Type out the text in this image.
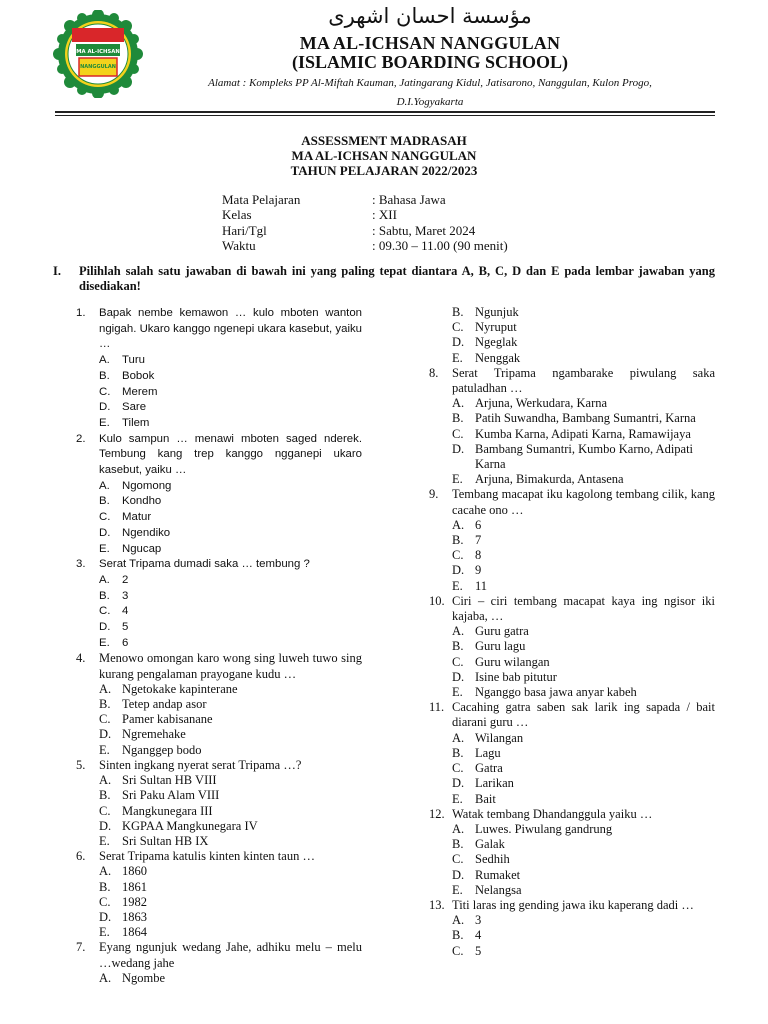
MA AL-ICHSAN
NANGGULAN
مؤسسة احسان اشهرى
MA AL-ICHSAN NANGGULAN
(ISLAMIC BOARDING SCHOOL)
Alamat : Kompleks PP Al-Miftah Kauman, Jatingarang Kidul, Jatisarono, Nanggulan, Kulon Progo,
D.I.Yogyakarta
ASSESSMENT MADRASAH
MA AL-ICHSAN NANGGULAN
TAHUN PELAJARAN 2022/2023
Mata Pelajaran	: Bahasa Jawa
Kelas	: XII
Hari/Tgl	: Sabtu, Maret 2024
Waktu	: 09.30 – 11.00 (90 menit)
I. Pilihlah salah satu jawaban di bawah ini yang paling tepat diantara A, B, C, D dan E pada lembar jawaban yang disediakan!
1. Bapak nembe kemawon … kulo mboten wanton ngigah. Ukaro kanggo ngenepi ukara kasebut, yaiku …
A.	Turu
B.	Bobok
C.	Merem
D.	Sare
E.	Tilem
2. Kulo sampun … menawi mboten saged nderek. Tembung kang trep kanggo ngganepi ukaro kasebut, yaiku …
A.	Ngomong
B.	Kondho
C.	Matur
D.	Ngendiko
E.	Ngucap
3. Serat Tripama dumadi saka … tembung ?
A.	2
B.	3
C.	4
D.	5
E.	6
4. Menowo omongan karo wong sing luweh tuwo sing kurang pengalaman prayogane kudu …
A. Ngetokake kapinterane
B. Tetep andap asor
C. Pamer kabisanane
D. Ngremehake
E. Nganggep bodo
5. Sinten ingkang nyerat serat Tripama …?
A. Sri Sultan HB VIII
B. Sri Paku Alam VIII
C. Mangkunegara III
D. KGPAA Mangkunegara IV
E. Sri Sultan HB IX
6. Serat Tripama katulis kinten kinten taun …
A. 1860
B. 1861
C. 1982
D. 1863
E. 1864
7. Eyang ngunjuk wedang Jahe, adhiku melu – melu …wedang jahe
A. Ngombe
B. Ngunjuk
C. Nyruput
D. Ngeglak
E. Nenggak
8. Serat Tripama ngambarake piwulang saka patuladhan …
A. Arjuna, Werkudara, Karna
B. Patih Suwandha, Bambang Sumantri, Karna
C. Kumba Karna, Adipati Karna, Ramawijaya
D. Bambang Sumantri, Kumbo Karno, Adipati Karna
E. Arjuna, Bimakurda, Antasena
9. Tembang macapat iku kagolong tembang cilik, kang cacahe ono …
A. 6
B. 7
C. 8
D. 9
E. 11
10. Ciri – ciri tembang macapat kaya ing ngisor iki kajaba, …
A. Guru gatra
B. Guru lagu
C. Guru wilangan
D. Isine bab pitutur
E. Nganggo basa jawa anyar kabeh
11. Cacahing gatra saben sak larik ing sapada / bait diarani guru …
A. Wilangan
B. Lagu
C. Gatra
D. Larikan
E. Bait
12. Watak tembang Dhandanggula yaiku …
A. Luwes. Piwulang gandrung
B. Galak
C. Sedhih
D. Rumaket
E. Nelangsa
13. Titi laras ing gending jawa iku kaperang dadi …
A. 3
B. 4
C. 5
